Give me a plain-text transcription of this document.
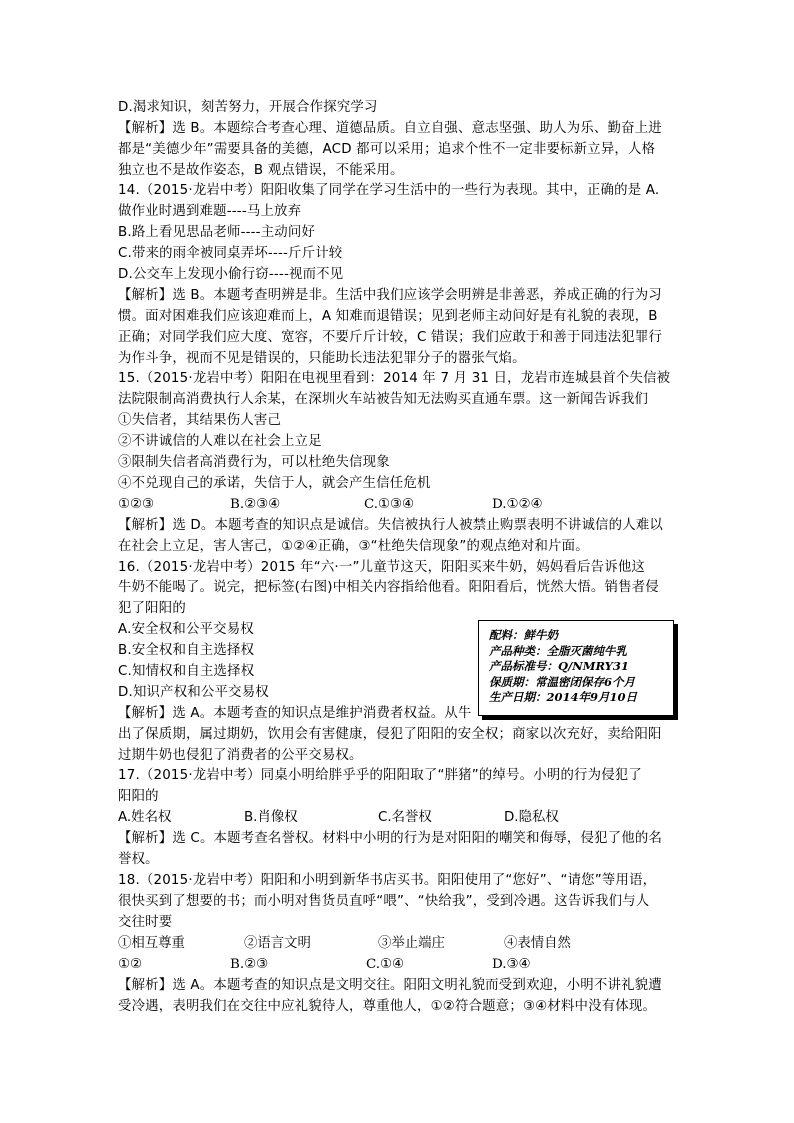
D.渴求知识，刻苦努力，开展合作探究学习
【解析】选 B。本题综合考查心理、道德品质。自立自强、意志坚强、助人为乐、勤奋上进
都是“美德少年”需要具备的美德，ACD 都可以采用；追求个性不一定非要标新立异，人格
独立也不是故作姿态，B 观点错误，不能采用。
14.（2015·龙岩中考）阳阳收集了同学在学习生活中的一些行为表现。其中，正确的是 A.
做作业时遇到难题----马上放弃
B.路上看见思品老师----主动问好
C.带来的雨伞被同桌弄坏----斤斤计较
D.公交车上发现小偷行窃----视而不见
【解析】选 B。本题考查明辨是非。生活中我们应该学会明辨是非善恶，养成正确的行为习
惯。面对困难我们应该迎难而上，A 知难而退错误；见到老师主动问好是有礼貌的表现，B
正确；对同学我们应大度、宽容，不要斤斤计较，C 错误；我们应敢于和善于同违法犯罪行
为作斗争，视而不见是错误的，只能助长违法犯罪分子的嚣张气焰。
15.（2015·龙岩中考）阳阳在电视里看到：2014 年 7 月 31 日，龙岩市连城县首个失信被
法院限制高消费执行人余某，在深圳火车站被告知无法购买直通车票。这一新闻告诉我们
①失信者，其结果伤人害己
②不讲诚信的人难以在社会上立足
③限制失信者高消费行为，可以杜绝失信现象
④不兑现自己的承诺，失信于人，就会产生信任危机
①②③	B.②③④	C.①③④	D.①②④
【解析】选 D。本题考查的知识点是诚信。失信被执行人被禁止购票表明不讲诚信的人难以
在社会上立足，害人害己，①②④正确，③“杜绝失信现象”的观点绝对和片面。
16.（2015·龙岩中考）2015 年“六·一”儿童节这天，阳阳买来牛奶，妈妈看后告诉他这
牛奶不能喝了。说完，把标签(右图)中相关内容指给他看。阳阳看后，恍然大悟。销售者侵
犯了阳阳的
A.安全权和公平交易权
B.安全权和自主选择权
C.知情权和自主选择权
D.知识产权和公平交易权
【解析】选 A。本题考查的知识点是维护消费者权益。从牛
出了保质期，属过期奶，饮用会有害健康，侵犯了阳阳的安全权；商家以次充好，卖给阳阳
过期牛奶也侵犯了消费者的公平交易权。
配料：鲜牛奶
产品种类：全脂灭菌纯牛乳
产品标准号：Q/NMRY31
保质期：常温密闭保存6个月
生产日期：2014年9月10日
17.（2015·龙岩中考）同桌小明给胖乎乎的阳阳取了“胖猪”的绰号。小明的行为侵犯了
阳阳的
A.姓名权	B.肖像权	C.名誉权	D.隐私权
【解析】选 C。本题考查名誉权。材料中小明的行为是对阳阳的嘲笑和侮辱，侵犯了他的名
誉权。
18.（2015·龙岩中考）阳阳和小明到新华书店买书。阳阳使用了“您好”、“请您”等用语，
很快买到了想要的书；而小明对售货员直呼“喂”、“快给我”，受到冷遇。这告诉我们与人
交往时要
①相互尊重	②语言文明	③举止端庄	④表情自然
①②	B.②③	C.①④	D.③④
【解析】选 A。本题考查的知识点是文明交往。阳阳文明礼貌而受到欢迎，小明不讲礼貌遭
受冷遇，表明我们在交往中应礼貌待人，尊重他人，①②符合题意；③④材料中没有体现。
